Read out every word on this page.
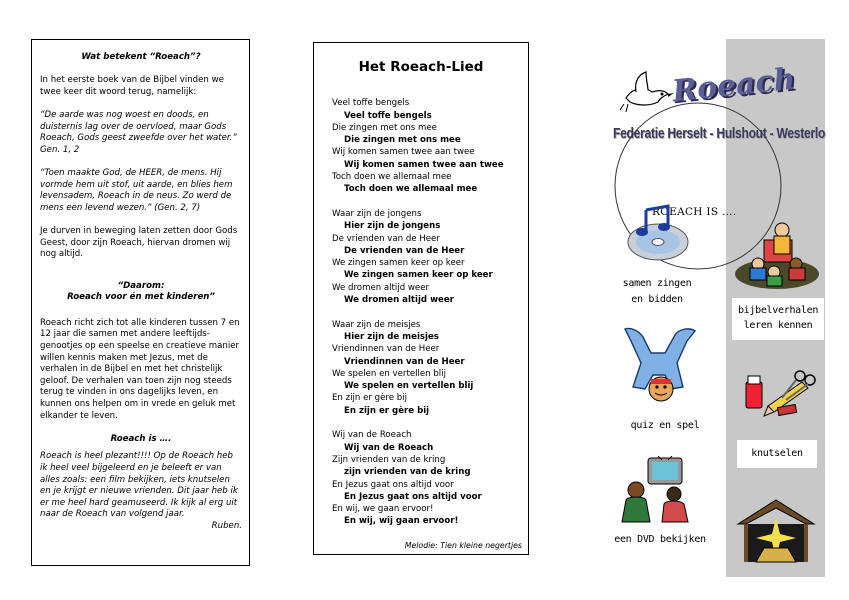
Wat betekent “Roeach”?

In het eerste boek van de Bijbel vinden we twee keer dit woord terug, namelijk:

“De aarde was nog woest en doods, en duisternis lag over de oervloed, maar Gods Roeach, Gods geest zweefde over het water.” Gen. 1, 2

“Toen maakte God, de HEER, de mens. Hij vormde hem uit stof, uit aarde, en blies hem levensadem, Roeach in de neus. Zo werd de mens een levend wezen.” (Gen. 2, 7)

Je durven in beweging laten zetten door Gods Geest, door zijn Roeach, hiervan dromen wij nog altijd.

“Daarom:

Roeach voor én met kinderen”

Roeach richt zich tot alle kinderen tussen 7 en 12 jaar die samen met andere leeftijds-genootjes op een speelse en creatieve manier willen kennis maken met Jezus, met de verhalen in de Bijbel en met het christelijk geloof. De verhalen van toen zijn nog steeds terug te vinden in ons dagelijks leven, en kunnen ons helpen om in vrede en geluk met elkander te leven.

Roeach is ….

Roeach is heel plezant!!!! Op de Roeach heb ik heel veel bijgeleerd en je beleeft er van alles zoals: een film bekijken, iets knutselen en je krijgt er nieuwe vrienden. Dit jaar heb ik er me heel hard geamuseerd. Ik kijk al erg uit naar de Roeach van volgend jaar.

Ruben.

Het Roeach-Lied
Veel toffe bengels
Veel toffe bengels
Die zingen met ons mee
Die zingen met ons mee
Wij komen samen twee aan twee
Wij komen samen twee aan twee
Toch doen we allemaal mee
Toch doen we allemaal mee
Waar zijn de jongens
Hier zijn de jongens
De vrienden van de Heer
De vrienden van de Heer
We zingen samen keer op keer
We zingen samen keer op keer
We dromen altijd weer
We dromen altijd weer
Waar zijn de meisjes
Hier zijn de meisjes
Vriendinnen van de Heer
Vriendinnen van de Heer
We spelen en vertellen blij
We spelen en vertellen blij
En zijn er gère bij
En zijn er gère bij
Wij van de Roeach
Wij van de Roeach
Zijn vrienden van de kring
zijn vrienden van de kring
En Jezus gaat ons altijd voor
En Jezus gaat ons altijd voor
En wij, we gaan ervoor!
En wij, wij gaan ervoor!
Melodie: Tien kleine negertjes
Roeach
Federatie Herselt - Hulshout - Westerlo
ROEACH IS ….
samen zingen
en bidden
bijbelverhalen
leren kennen
quiz en spel
knutselen
een DVD bekijken
